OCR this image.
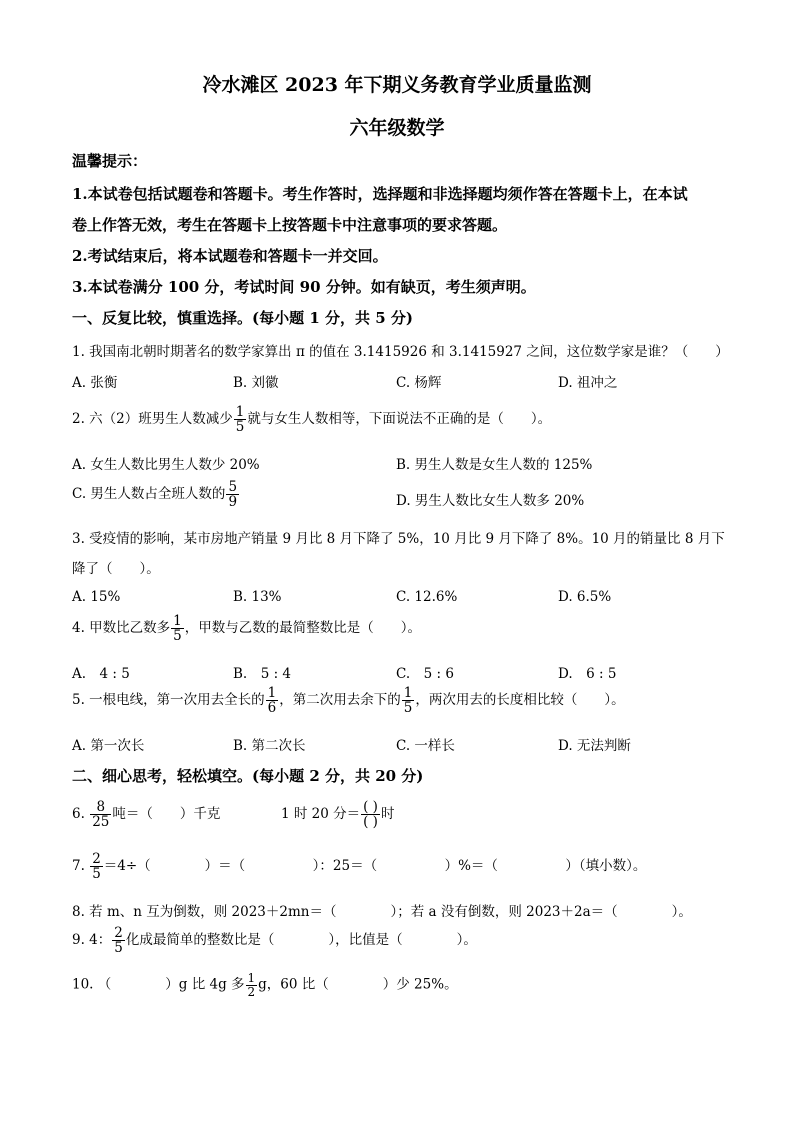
冷水滩区 2023 年下期义务教育学业质量监测
六年级数学
温馨提示：
1.本试卷包括试题卷和答题卡。考生作答时，选择题和非选择题均须作答在答题卡上，在本试
卷上作答无效，考生在答题卡上按答题卡中注意事项的要求答题。
2.考试结束后，将本试题卷和答题卡一并交回。
3.本试卷满分 100 分，考试时间 90 分钟。如有缺页，考生须声明。
一、反复比较，慎重选择。(每小题 1 分，共 5 分)
1. 我国南北朝时期著名的数学家算出 π 的值在 3.1415926 和 3.1415927 之间，这位数学家是谁？（　　）
A. 张衡	B. 刘徽	C. 杨辉	D. 祖冲之
2. 六（2）班男生人数减少 $\frac{1}{5}$ 就与女生人数相等，下面说法不正确的是（　　）。
A. 女生人数比男生人数少 20%	B. 男生人数是女生人数的 125%
C. 男生人数占全班人数的 $\frac{5}{9}$	D. 男生人数比女生人数多 20%
3. 受疫情的影响，某市房地产销量 9 月比 8 月下降了 5%，10 月比 9 月下降了 8%。10 月的销量比 8 月下
降了（　　）。
A. 15%	B. 13%	C. 12.6%	D. 6.5%
4. 甲数比乙数多 $\frac{1}{5}$ ，甲数与乙数的最简整数比是（　　）。
A.　4 : 5	B.　5 : 4	C.　5 : 6	D.　6 : 5
5. 一根电线，第一次用去全长的 $\frac{1}{6}$ ，第二次用去余下的 $\frac{1}{5}$ ，两次用去的长度相比较（　　）。
A. 第一次长	B. 第二次长	C. 一样长	D. 无法判断
二、细心思考，轻松填空。(每小题 2 分，共 20 分)
6. $\frac{8}{25}$ 吨＝（　　）千克	1 时 20 分＝ $\frac{( )}{( )}$ 时
7. $\frac{2}{5} =4\div$（　　　　）＝（　　　　　）：25＝（　　　　　）%＝（　　　　　）（填小数）。
8. 若 m、n 互为倒数，则 2023＋2mn＝（　　　　）；若 a 没有倒数，则 2023＋2a＝（　　　　）。
9. 4： $\frac{2}{5}$ 化成最简单的整数比是（　　　　），比值是（　　　　）。
10. （　　　　）g 比 4g 多 $\frac{1}{2}$ g，60 比（　　　　）少 25%。
